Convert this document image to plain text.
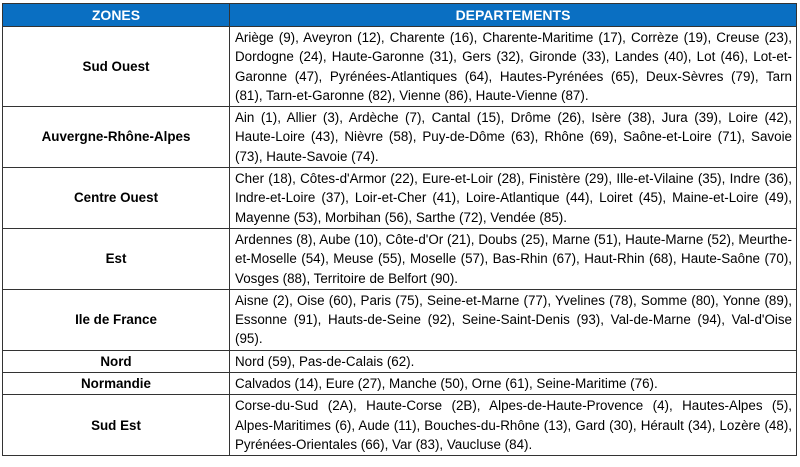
ZONES	DEPARTEMENTS
Sud Ouest	Ariège (9), Aveyron (12), Charente (16), Charente-Maritime (17), Corrèze (19), Creuse (23), Dordogne (24), Haute-Garonne (31), Gers (32), Gironde (33), Landes (40), Lot (46), Lot-et-Garonne (47), Pyrénées-Atlantiques (64), Hautes-Pyrénées (65), Deux-Sèvres (79), Tarn (81), Tarn-et-Garonne (82), Vienne (86), Haute-Vienne (87).
Auvergne-Rhône-Alpes	Ain (1), Allier (3), Ardèche (7), Cantal (15), Drôme (26), Isère (38), Jura (39), Loire (42), Haute-Loire (43), Nièvre (58), Puy-de-Dôme (63), Rhône (69), Saône-et-Loire (71), Savoie (73), Haute-Savoie (74).
Centre Ouest	Cher (18), Côtes-d'Armor (22), Eure-et-Loir (28), Finistère (29), Ille-et-Vilaine (35), Indre (36), Indre-et-Loire (37), Loir-et-Cher (41), Loire-Atlantique (44), Loiret (45), Maine-et-Loire (49), Mayenne (53), Morbihan (56), Sarthe (72), Vendée (85).
Est	Ardennes (8), Aube (10), Côte-d'Or (21), Doubs (25), Marne (51), Haute-Marne (52), Meurthe-et-Moselle (54), Meuse (55), Moselle (57), Bas-Rhin (67), Haut-Rhin (68), Haute-Saône (70), Vosges (88), Territoire de Belfort (90).
Ile de France	Aisne (2), Oise (60), Paris (75), Seine-et-Marne (77), Yvelines (78), Somme (80), Yonne (89), Essonne (91), Hauts-de-Seine (92), Seine-Saint-Denis (93), Val-de-Marne (94), Val-d'Oise (95).
Nord	Nord (59), Pas-de-Calais (62).
Normandie	Calvados (14), Eure (27), Manche (50), Orne (61), Seine-Maritime (76).
Sud Est	Corse-du-Sud (2A), Haute-Corse (2B), Alpes-de-Haute-Provence (4), Hautes-Alpes (5), Alpes-Maritimes (6), Aude (11), Bouches-du-Rhône (13), Gard (30), Hérault (34), Lozère (48), Pyrénées-Orientales (66), Var (83), Vaucluse (84).
